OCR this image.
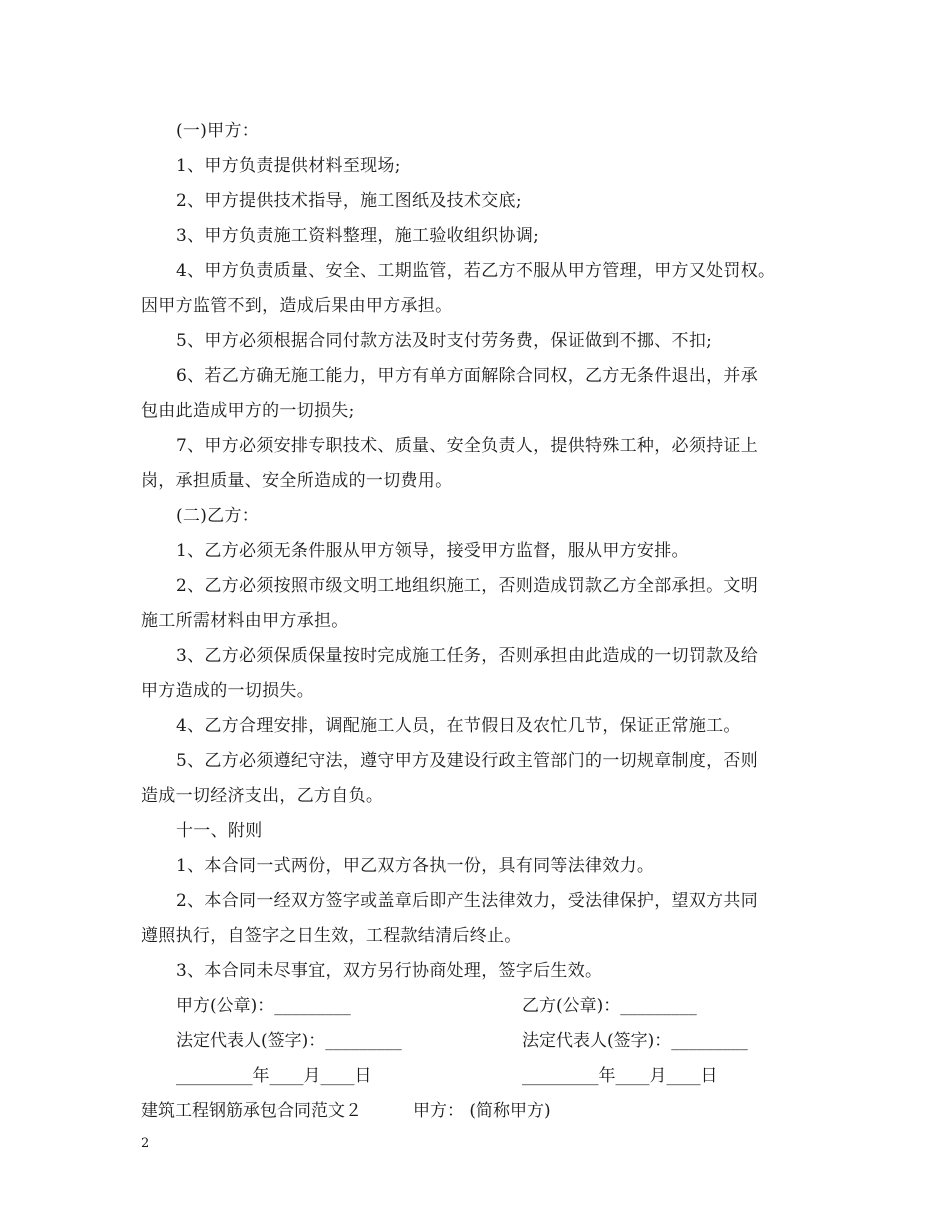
(一)甲方：
1、甲方负责提供材料至现场;
2、甲方提供技术指导，施工图纸及技术交底;
3、甲方负责施工资料整理，施工验收组织协调;
4、甲方负责质量、安全、工期监管，若乙方不服从甲方管理，甲方又处罚权。
因甲方监管不到，造成后果由甲方承担。
5、甲方必须根据合同付款方法及时支付劳务费，保证做到不挪、不扣;
6、若乙方确无施工能力，甲方有单方面解除合同权，乙方无条件退出，并承
包由此造成甲方的一切损失;
7、甲方必须安排专职技术、质量、安全负责人，提供特殊工种，必须持证上
岗，承担质量、安全所造成的一切费用。
(二)乙方：
1、乙方必须无条件服从甲方领导，接受甲方监督，服从甲方安排。
2、乙方必须按照市级文明工地组织施工，否则造成罚款乙方全部承担。文明
施工所需材料由甲方承担。
3、乙方必须保质保量按时完成施工任务，否则承担由此造成的一切罚款及给
甲方造成的一切损失。
4、乙方合理安排，调配施工人员，在节假日及农忙几节，保证正常施工。
5、乙方必须遵纪守法，遵守甲方及建设行政主管部门的一切规章制度，否则
造成一切经济支出，乙方自负。
十一、附则
1、本合同一式两份，甲乙双方各执一份，具有同等法律效力。
2、本合同一经双方签字或盖章后即产生法律效力，受法律保护，望双方共同
遵照执行，自签字之日生效，工程款结清后终止。
3、本合同未尽事宜，双方另行协商处理，签字后生效。
甲方(公章)：_________	乙方(公章)：_________
法定代表人(签字)：_________	法定代表人(签字)：_________
_________年____月____日	_________年____月____日
建筑工程钢筋承包合同范文２	甲方： (简称甲方)
2
